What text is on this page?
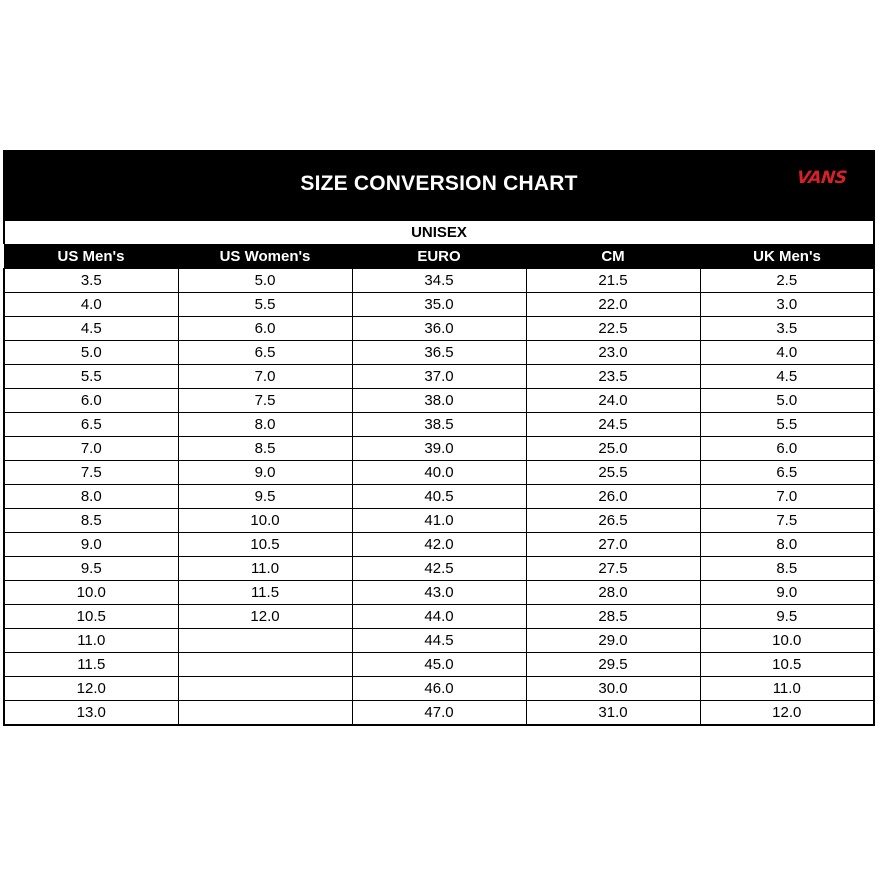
SIZE CONVERSION CHART	VANS
UNISEX
US Men's	US Women's	EURO	CM	UK Men's
3.5	5.0	34.5	21.5	2.5
4.0	5.5	35.0	22.0	3.0
4.5	6.0	36.0	22.5	3.5
5.0	6.5	36.5	23.0	4.0
5.5	7.0	37.0	23.5	4.5
6.0	7.5	38.0	24.0	5.0
6.5	8.0	38.5	24.5	5.5
7.0	8.5	39.0	25.0	6.0
7.5	9.0	40.0	25.5	6.5
8.0	9.5	40.5	26.0	7.0
8.5	10.0	41.0	26.5	7.5
9.0	10.5	42.0	27.0	8.0
9.5	11.0	42.5	27.5	8.5
10.0	11.5	43.0	28.0	9.0
10.5	12.0	44.0	28.5	9.5
11.0		44.5	29.0	10.0
11.5		45.0	29.5	10.5
12.0		46.0	30.0	11.0
13.0		47.0	31.0	12.0
